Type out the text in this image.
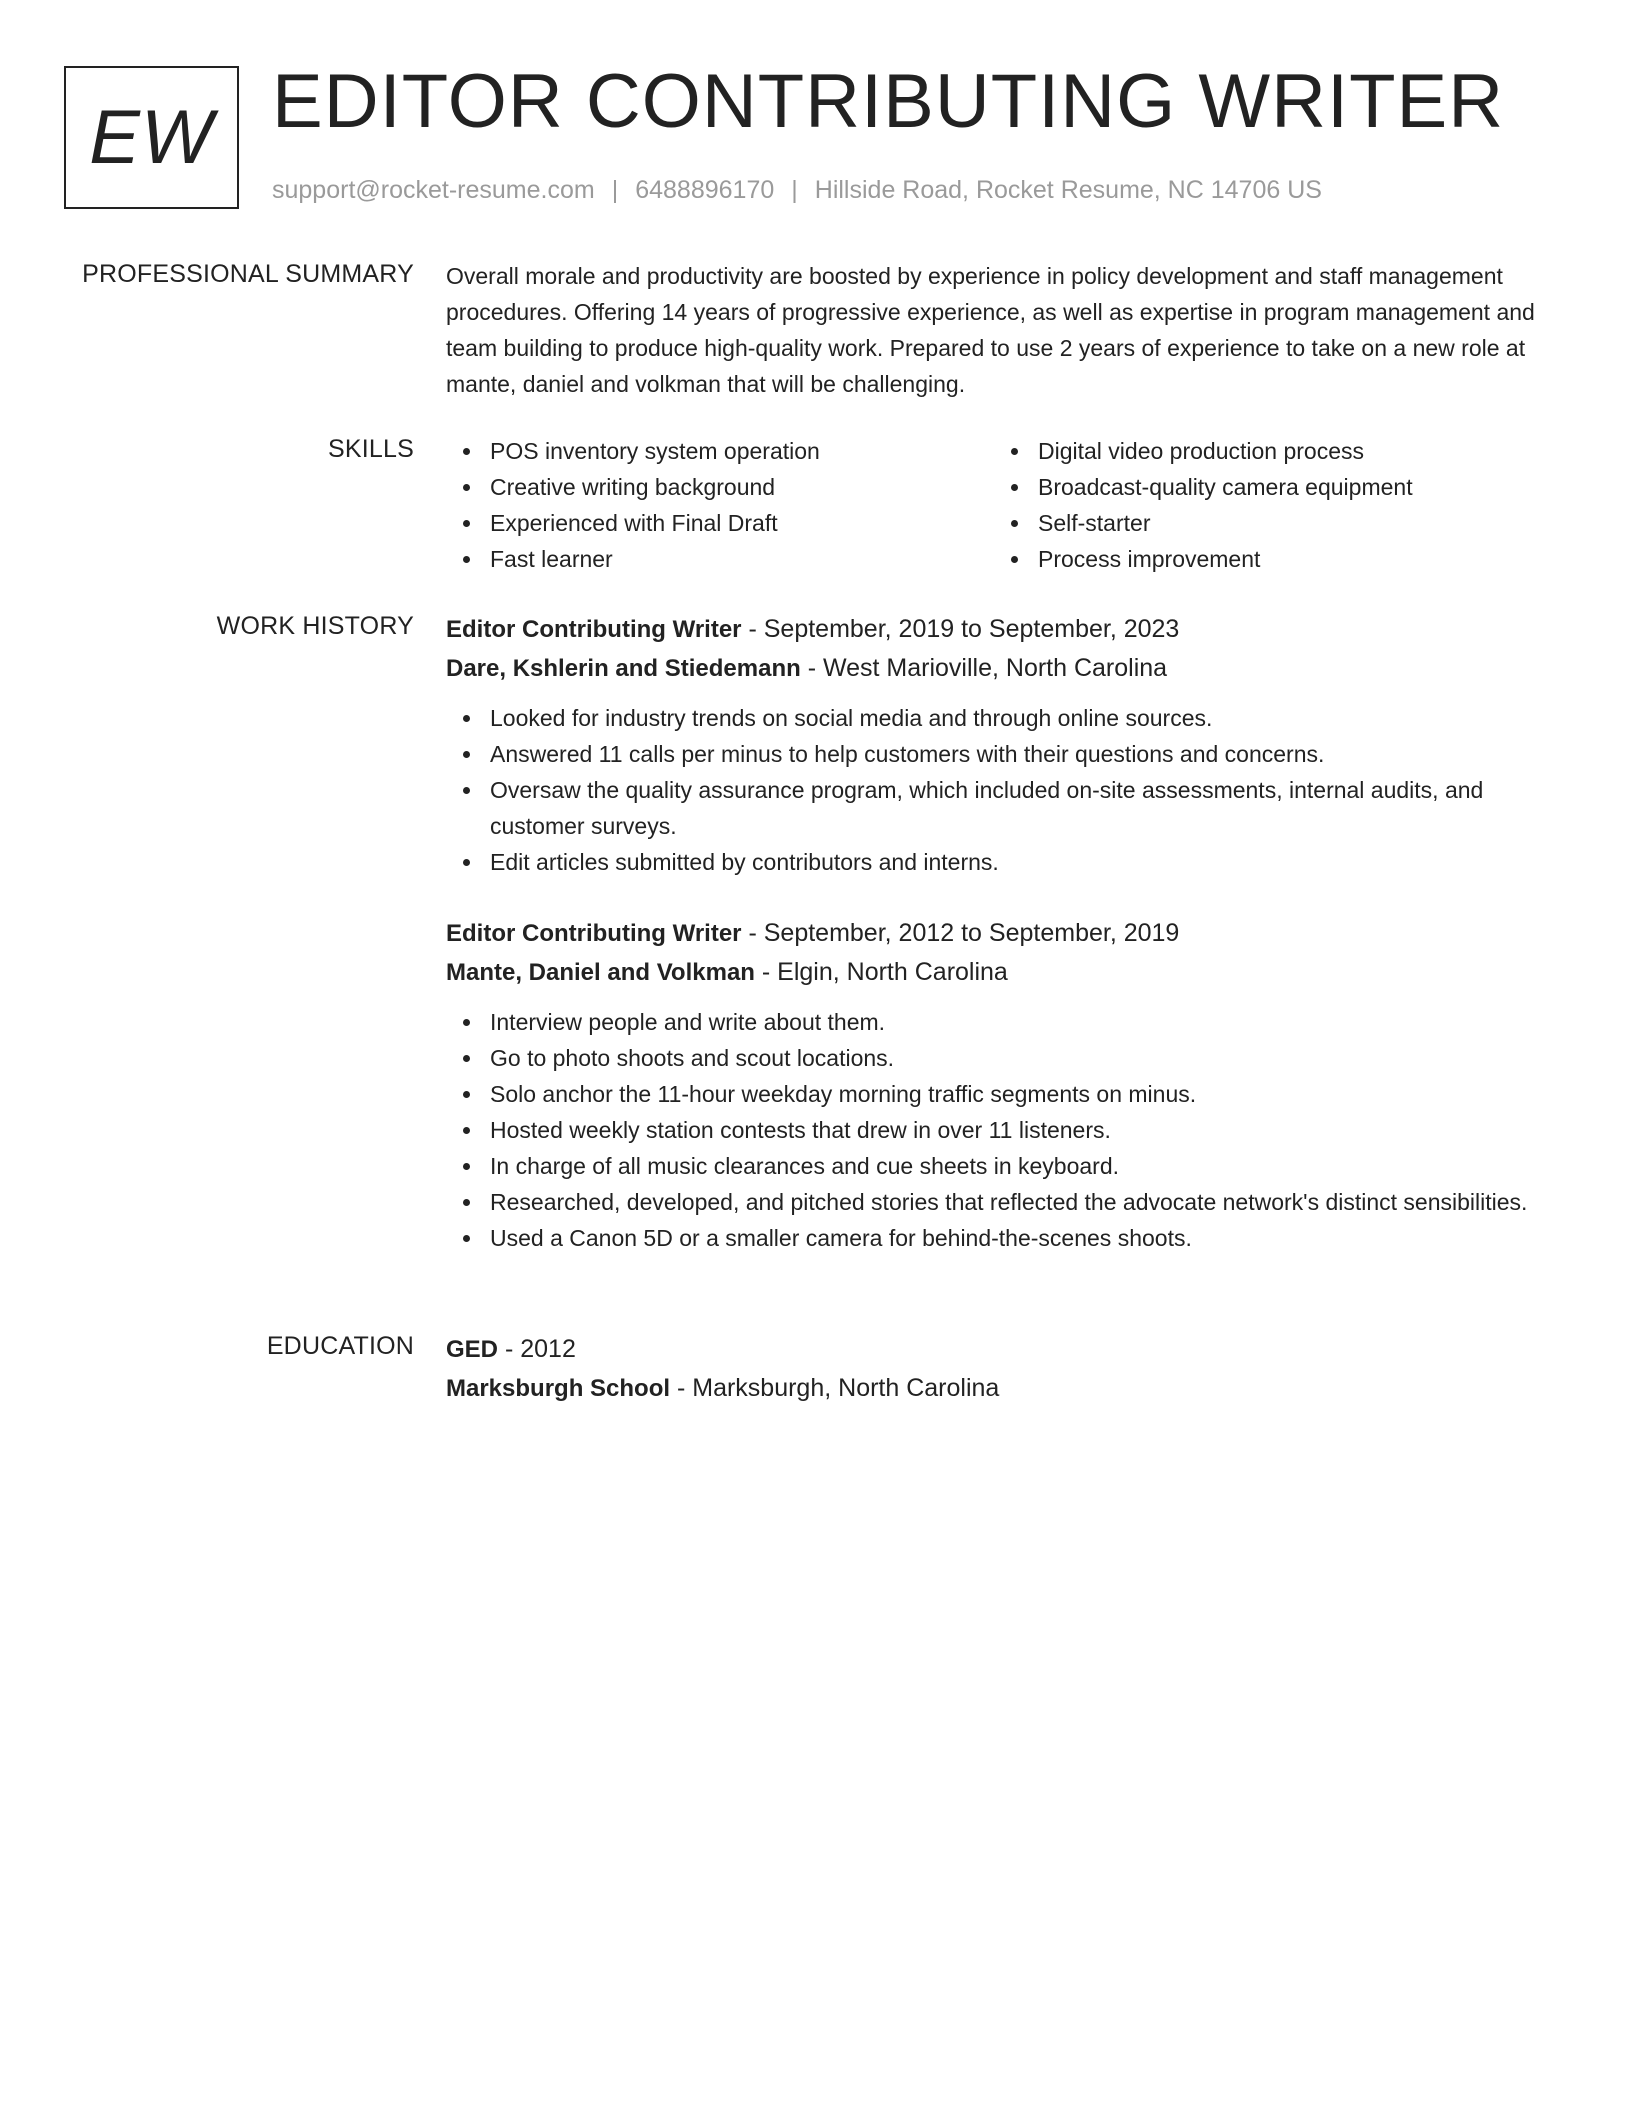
EW EDITOR CONTRIBUTING WRITER
support@rocket-resume.com | 6488896170 | Hillside Road, Rocket Resume, NC 14706 US
PROFESSIONAL SUMMARY Overall morale and productivity are boosted by experience in policy development and staff management procedures. Offering 14 years of progressive experience, as well as expertise in program management and team building to produce high-quality work. Prepared to use 2 years of experience to take on a new role at mante, daniel and volkman that will be challenging.
SKILLS	POS inventory system operation
Creative writing background
Experienced with Final Draft
Fast learner
Digital video production process
Broadcast-quality camera equipment
Self-starter
Process improvement
WORK HISTORY Editor Contributing Writer - September, 2019 to September, 2023
Dare, Kshlerin and Stiedemann - West Marioville, North Carolina
Looked for industry trends on social media and through online sources.
Answered 11 calls per minus to help customers with their questions and concerns.
Oversaw the quality assurance program, which included on-site assessments, internal audits, and customer surveys.
Edit articles submitted by contributors and interns.
Editor Contributing Writer - September, 2012 to September, 2019
Mante, Daniel and Volkman - Elgin, North Carolina
Interview people and write about them.
Go to photo shoots and scout locations.
Solo anchor the 11-hour weekday morning traffic segments on minus.
Hosted weekly station contests that drew in over 11 listeners.
In charge of all music clearances and cue sheets in keyboard.
Researched, developed, and pitched stories that reflected the advocate network's distinct sensibilities.
Used a Canon 5D or a smaller camera for behind-the-scenes shoots.
EDUCATION GED - 2012
Marksburgh School - Marksburgh, North Carolina
